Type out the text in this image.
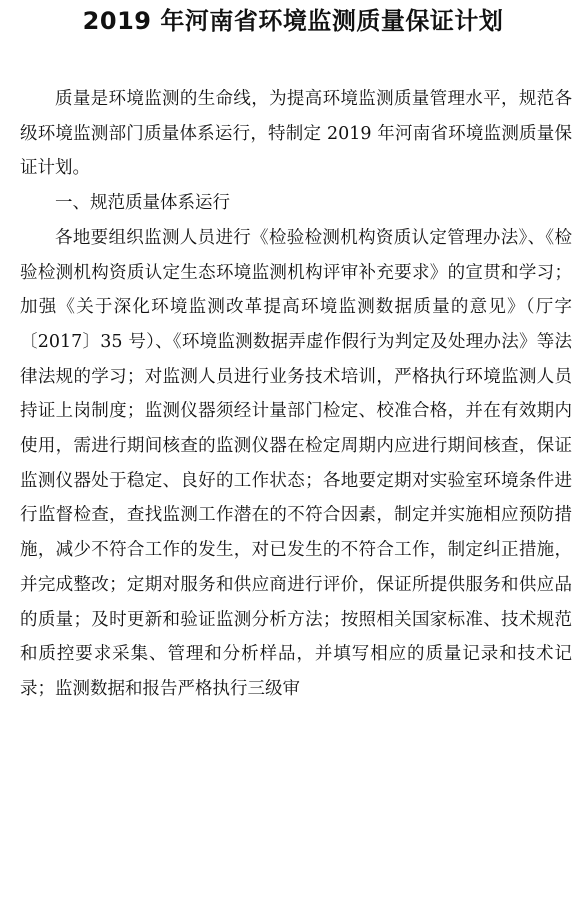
2019 年河南省环境监测质量保证计划

质量是环境监测的生命线，为提高环境监测质量管理水平，规范各级环境监测部门质量体系运行，特制定 2019 年河南省环境监测质量保证计划。

一、规范质量体系运行

各地要组织监测人员进行《检验检测机构资质认定管理办法》、《检验检测机构资质认定生态环境监测机构评审补充要求》的宣贯和学习；加强《关于深化环境监测改革提高环境监测数据质量的意见》（厅字〔2017〕35 号）、《环境监测数据弄虚作假行为判定及处理办法》等法律法规的学习；对监测人员进行业务技术培训，严格执行环境监测人员持证上岗制度；监测仪器须经计量部门检定、校准合格，并在有效期内使用，需进行期间核查的监测仪器在检定周期内应进行期间核查，保证监测仪器处于稳定、良好的工作状态；各地要定期对实验室环境条件进行监督检查，查找监测工作潜在的不符合因素，制定并实施相应预防措施，减少不符合工作的发生，对已发生的不符合工作，制定纠正措施，并完成整改；定期对服务和供应商进行评价，保证所提供服务和供应品的质量；及时更新和验证监测分析方法；按照相关国家标准、技术规范和质控要求采集、管理和分析样品，并填写相应的质量记录和技术记录；监测数据和报告严格执行三级审
